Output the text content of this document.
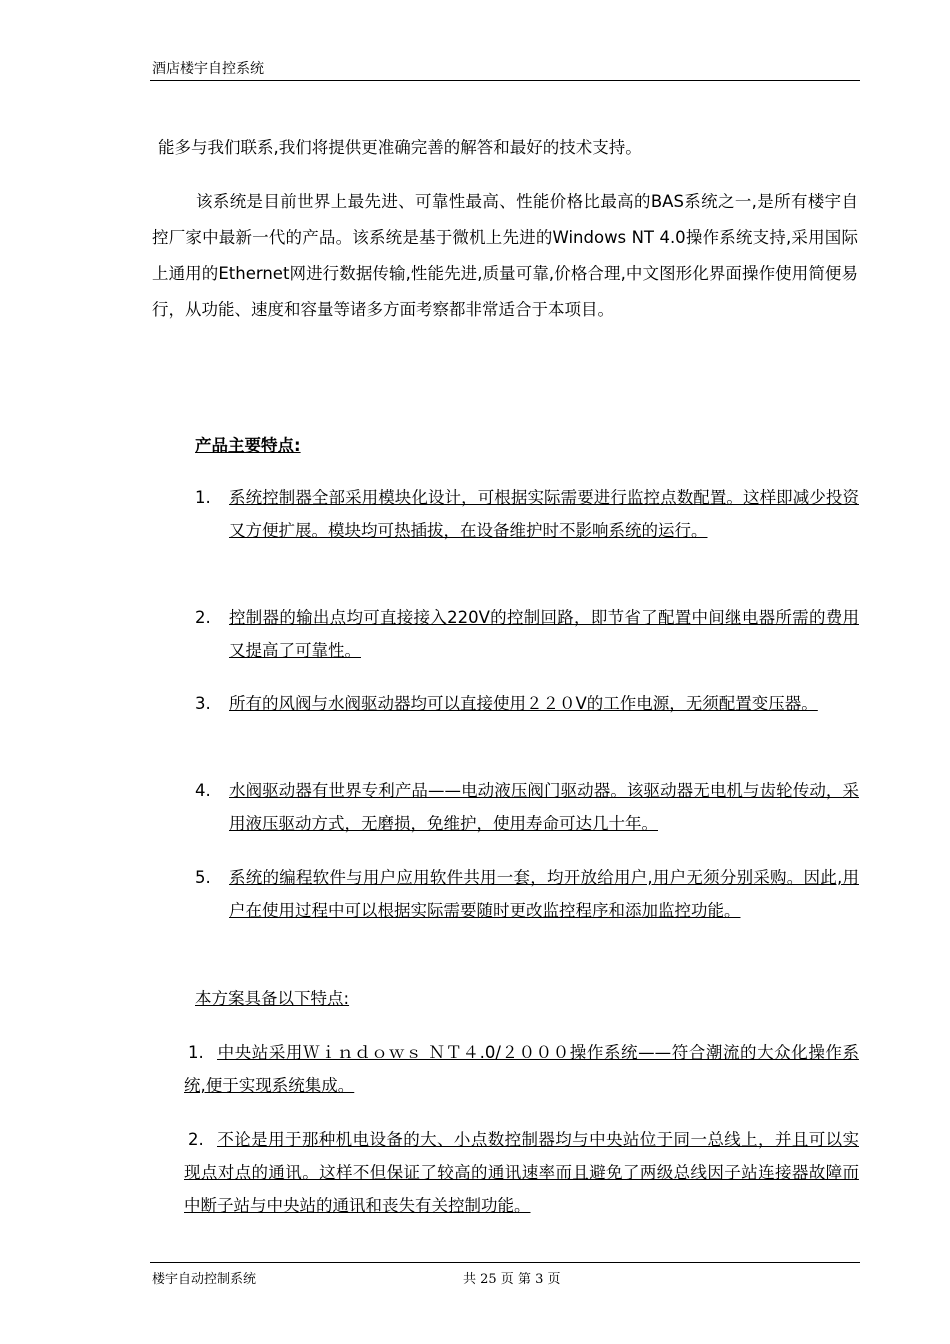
酒店楼宇自控系统
能多与我们联系,我们将提供更准确完善的解答和最好的技术支持。
该系统是目前世界上最先进、可靠性最高、性能价格比最高的BAS系统之一,是所有楼宇自控厂家中最新一代的产品。该系统是基于微机上先进的Windows NT 4.0操作系统支持,采用国际上通用的Ethernet网进行数据传输,性能先进,质量可靠,价格合理,中文图形化界面操作使用简便易行，从功能、速度和容量等诸多方面考察都非常适合于本项目。
产品主要特点:
1.	系统控制器全部采用模块化设计，可根据实际需要进行监控点数配置。这样即减少投资又方便扩展。模块均可热插拔，在设备维护时不影响系统的运行。
2.	控制器的输出点均可直接接入220V的控制回路，即节省了配置中间继电器所需的费用又提高了可靠性。
3.	所有的风阀与水阀驱动器均可以直接使用２２０V的工作电源，无须配置变压器。
4.	水阀驱动器有世界专利产品——电动液压阀门驱动器。该驱动器无电机与齿轮传动，采用液压驱动方式，无磨损，免维护，使用寿命可达几十年。
5.	系统的编程软件与用户应用软件共用一套，均开放给用户,用户无须分别采购。因此,用户在使用过程中可以根据实际需要随时更改监控程序和添加监控功能。
本方案具备以下特点:
1. 中央站采用Ｗｉｎｄｏｗｓ ＮＴ４.0/２０００操作系统——符合潮流的大众化操作系统,便于实现系统集成。
2. 不论是用于那种机电设备的大、小点数控制器均与中央站位于同一总线上，并且可以实现点对点的通讯。这样不但保证了较高的通讯速率而且避免了两级总线因子站连接器故障而中断子站与中央站的通讯和丧失有关控制功能。
楼宇自动控制系统	共 25 页 第 3 页
